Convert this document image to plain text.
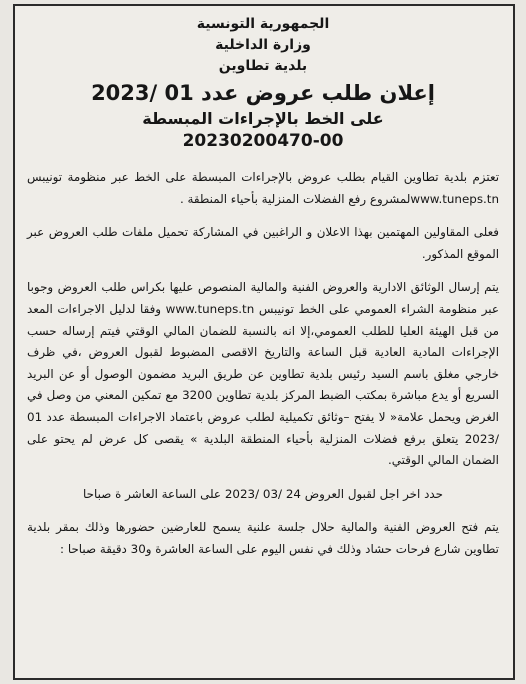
الجمهورية التونسية
وزارة الداخلية
بلدية تطاوين
إعلان طلب عروض عدد 01 /2023
على الخط بالإجراءات المبسطة
20230200470-00

تعتزم بلدية تطاوين القيام بطلب عروض بالإجراءات المبسطة على الخط عبر منظومة تونيبس www.tuneps.tnلمشروع رفع الفضلات المنزلية بأحياء المنطقة .

فعلى المقاولين المهتمين بهذا الاعلان و الراغبين في المشاركة تحميل ملفات طلب العروض عبر الموقع المذكور.

يتم إرسال الوثائق الادارية والعروض الفنية والمالية المنصوص عليها بكراس طلب العروض وجوبا عبر منظومة الشراء العمومي على الخط تونيبس www.tuneps.tn وفقا لدليل الاجراءات المعد من قبل الهيئة العليا للطلب العمومي،إلا انه بالنسبة للضمان المالي الوقتي فيتم إرساله حسب الإجراءات المادية العادية قبل الساعة والتاريخ الاقصى المضبوط لقبول العروض ،في ظرف خارجي مغلق باسم السيد رئيس بلدية تطاوين عن طريق البريد مضمون الوصول أو عن البريد السريع أو يدع مباشرة بمكتب الضبط المركز بلدية تطاوين 3200 مع تمكين المعني من وصل في الغرض ويحمل علامة« لا يفتح –وثائق تكميلية لطلب عروض باعتماد الاجراءات المبسطة عدد 01 /2023 يتعلق برفع فضلات المنزلية بأحياء المنطقة البلدية » يقصى كل عرض لم يحتو على الضمان المالي الوقتي.

حدد اخر اجل لقبول العروض 24 /03 /2023 على الساعة العاشر ة صباحا

يتم فتح العروض الفنية والمالية حلال جلسة علنية يسمح للعارضين حضورها وذلك بمقر بلدية تطاوين شارع فرحات حشاد وذلك في نفس اليوم على الساعة العاشرة و30 دقيقة صباحا :
